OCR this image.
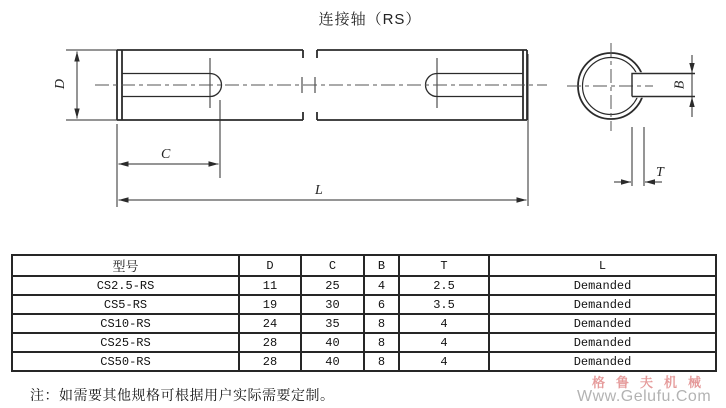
连接轴（RS）
D
C
L
B
T
型号	D	C	B	T	L
CS2.5-RS	11	25	4	2.5	Demanded
CS5-RS	19	30	6	3.5	Demanded
CS10-RS	24	35	8	4	Demanded
CS25-RS	28	40	8	4	Demanded
CS50-RS	28	40	8	4	Demanded
注：如需要其他规格可根据用户实际需要定制。
格鲁夫机械
Www.Gelufu.Com
